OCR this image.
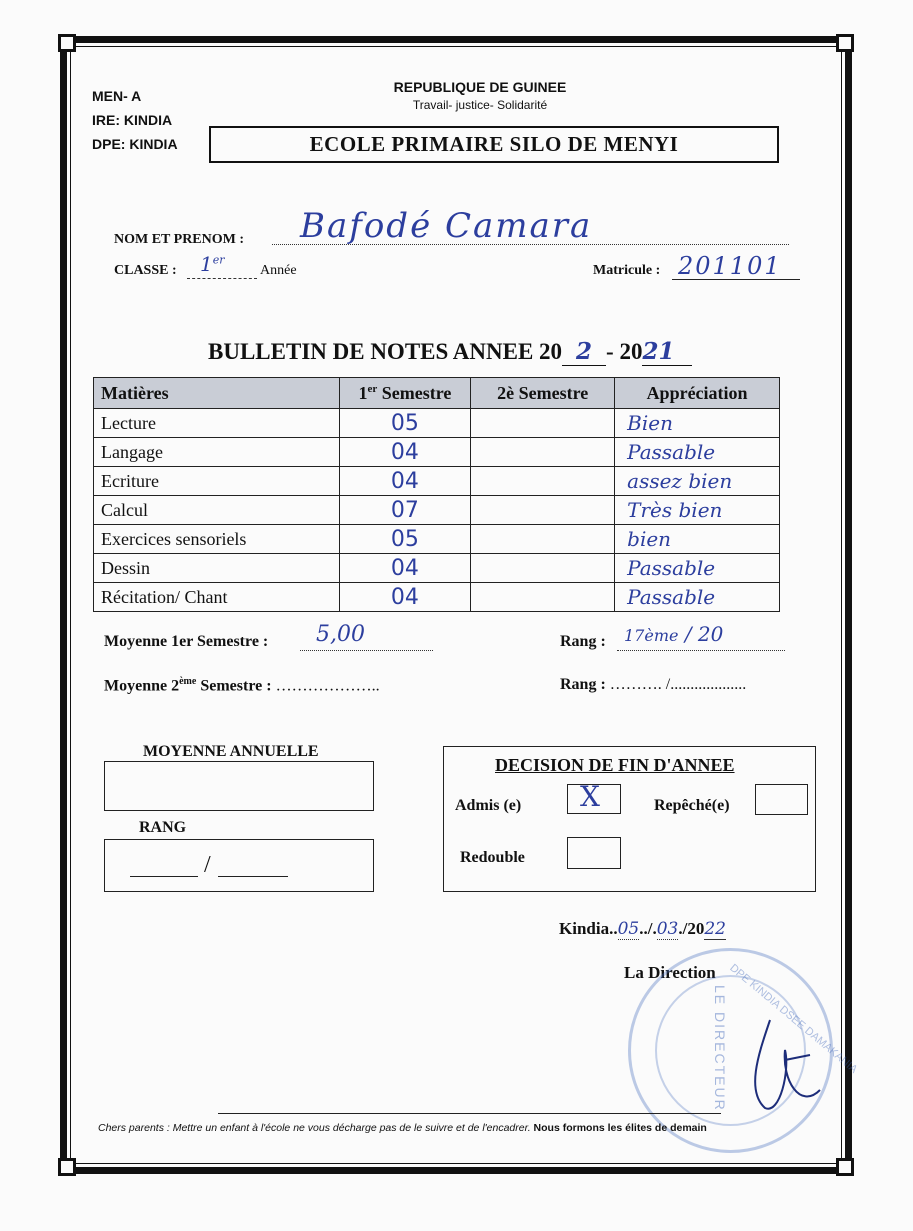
MEN- A
IRE: KINDIA
DPE: KINDIA
REPUBLIQUE DE GUINEE
Travail- justice- Solidarité
ECOLE PRIMAIRE SILO DE MENYI
NOM ET PRENOM : Bafodé Camara
CLASSE : 1er
Année	Matricule : 201101
BULLETIN DE NOTES ANNEE 20 2 - 2021
Matières	1er Semestre	2è Semestre	Appréciation
Lecture	05		Bien
Langage	04		Passable
Ecriture	04		assez bien
Calcul	07		Très bien
Exercices sensoriels	05		bien
Dessin	04		Passable
Récitation/ Chant	04		Passable
Moyenne 1er Semestre : 5,00	Rang : 17ème / 20
Moyenne 2ème Semestre : ………………..	Rang : ………. /...................
MOYENNE ANNUELLE
RANG
/
DECISION DE FIN D'ANNEE
Admis (e) X	Repêché(e)
Redouble
Kindia..05../.03./2022
La Direction
LE DIRECTEUR DPE KINDIA DSEE DAMAKANIA
Chers parents : Mettre un enfant à l'école ne vous décharge pas de le suivre et de l'encadrer. Nous formons les élites de demain
